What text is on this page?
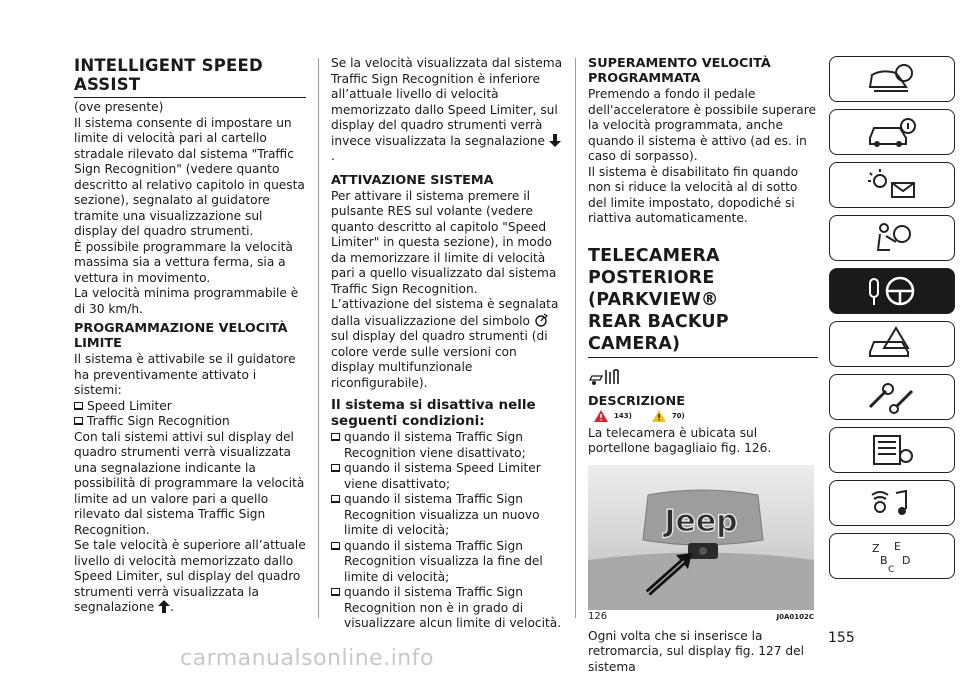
INTELLIGENT SPEED ASSIST

(ove presente)

Il sistema consente di impostare un limite di velocità pari al cartello stradale rilevato dal sistema "Traffic Sign Recognition" (vedere quanto descritto al relativo capitolo in questa sezione), segnalato al guidatore tramite una visualizzazione sul display del quadro strumenti.

È possibile programmare la velocità massima sia a vettura ferma, sia a vettura in movimento.

La velocità minima programmabile è di 30 km/h.

PROGRAMMAZIONE VELOCITÀ LIMITE

Il sistema è attivabile se il guidatore ha preventivamente attivato i sistemi:

Speed Limiter
Traffic Sign Recognition

Con tali sistemi attivi sul display del quadro strumenti verrà visualizzata una segnalazione indicante la possibilità di programmare la velocità limite ad un valore pari a quello rilevato dal sistema Traffic Sign Recognition.

Se tale velocità è superiore all’attuale livello di velocità memorizzato dallo Speed Limiter, sul display del quadro strumenti verrà visualizzata la segnalazione .

Se la velocità visualizzata dal sistema Traffic Sign Recognition è inferiore all’attuale livello di velocità memorizzato dallo Speed Limiter, sul display del quadro strumenti verrà invece visualizzata la segnalazione .

ATTIVAZIONE SISTEMA

Per attivare il sistema premere il pulsante RES sul volante (vedere quanto descritto al capitolo "Speed Limiter" in questa sezione), in modo da memorizzare il limite di velocità pari a quello visualizzato dal sistema Traffic Sign Recognition.

L’attivazione del sistema è segnalata dalla visualizzazione del simbolo  sul display del quadro strumenti (di colore verde sulle versioni con display multifunzionale riconfigurabile).

Il sistema si disattiva nelle seguenti condizioni:
quando il sistema Traffic Sign Recognition viene disattivato;
quando il sistema Speed Limiter viene disattivato;
quando il sistema Traffic Sign Recognition visualizza un nuovo limite di velocità;
quando il sistema Traffic Sign Recognition visualizza la fine del limite di velocità;
quando il sistema Traffic Sign Recognition non è in grado di visualizzare alcun limite di velocità.
SUPERAMENTO VELOCITÀ PROGRAMMATA

Premendo a fondo il pedale dell'acceleratore è possibile superare la velocità programmata, anche quando il sistema è attivo (ad es. in caso di sorpasso).

Il sistema è disabilitato fin quando non si riduce la velocità al di sotto del limite impostato, dopodiché si riattiva automaticamente.

TELECAMERA
POSTERIORE (PARKVIEW®
REAR BACKUP CAMERA)
DESCRIZIONE
143)	70)

La telecamera è ubicata sul portellone bagagliaio fig. 126.

Jeep
126	J0A0102C

Ogni volta che si inserisce la retromarcia, sul display fig. 127 del sistema

Z E
B D
C
155
carmanualsonline.info
